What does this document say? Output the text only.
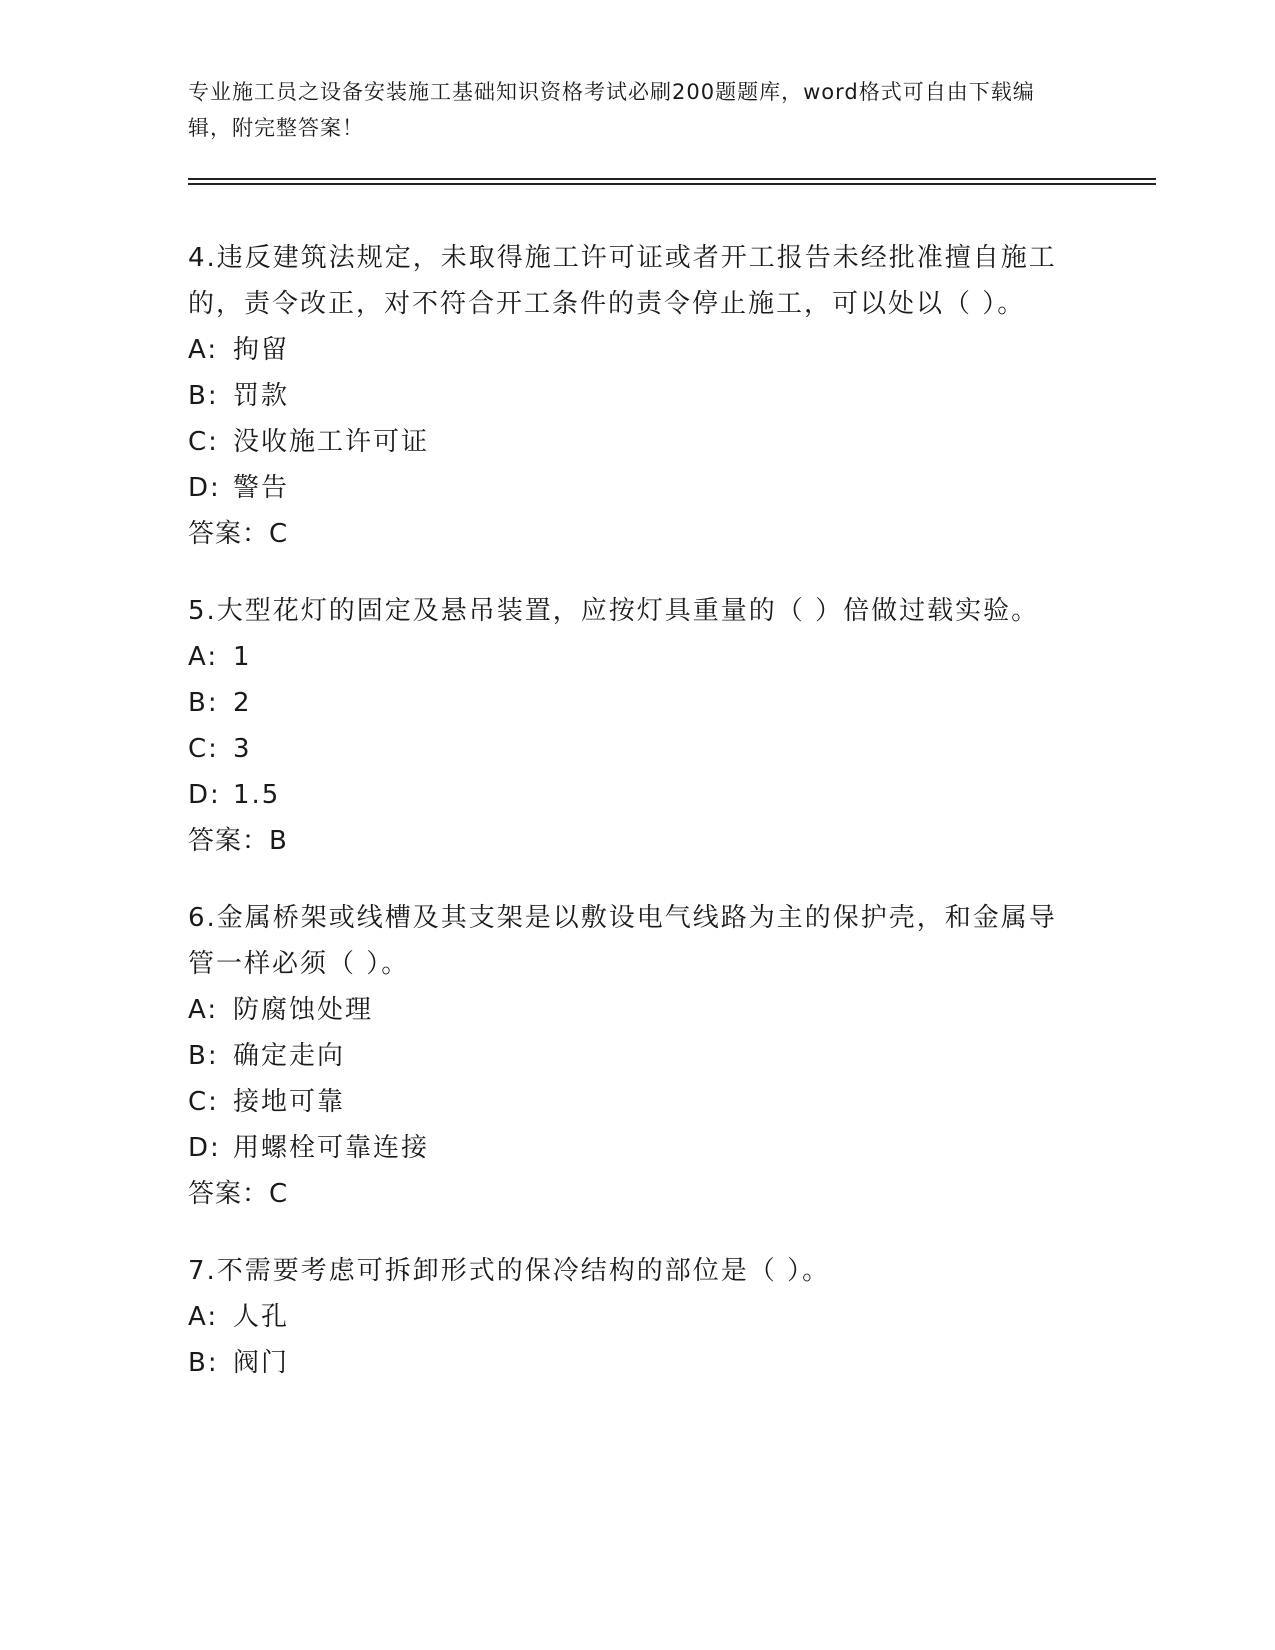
专业施工员之设备安装施工基础知识资格考试必刷200题题库，word格式可自由下载编辑，附完整答案！

4.违反建筑法规定，未取得施工许可证或者开工报告未经批准擅自施工的，责令改正，对不符合开工条件的责令停止施工，可以处以（ ）。

A: 拘留

B: 罚款

C: 没收施工许可证

D: 警告

答案：C

5.大型花灯的固定及悬吊装置，应按灯具重量的（ ）倍做过载实验。

A: 1

B: 2

C: 3

D: 1.5

答案：B

6.金属桥架或线槽及其支架是以敷设电气线路为主的保护壳，和金属导管一样必须（ ）。

A: 防腐蚀处理

B: 确定走向

C: 接地可靠

D: 用螺栓可靠连接

答案：C

7.不需要考虑可拆卸形式的保冷结构的部位是（ ）。

A: 人孔

B: 阀门
